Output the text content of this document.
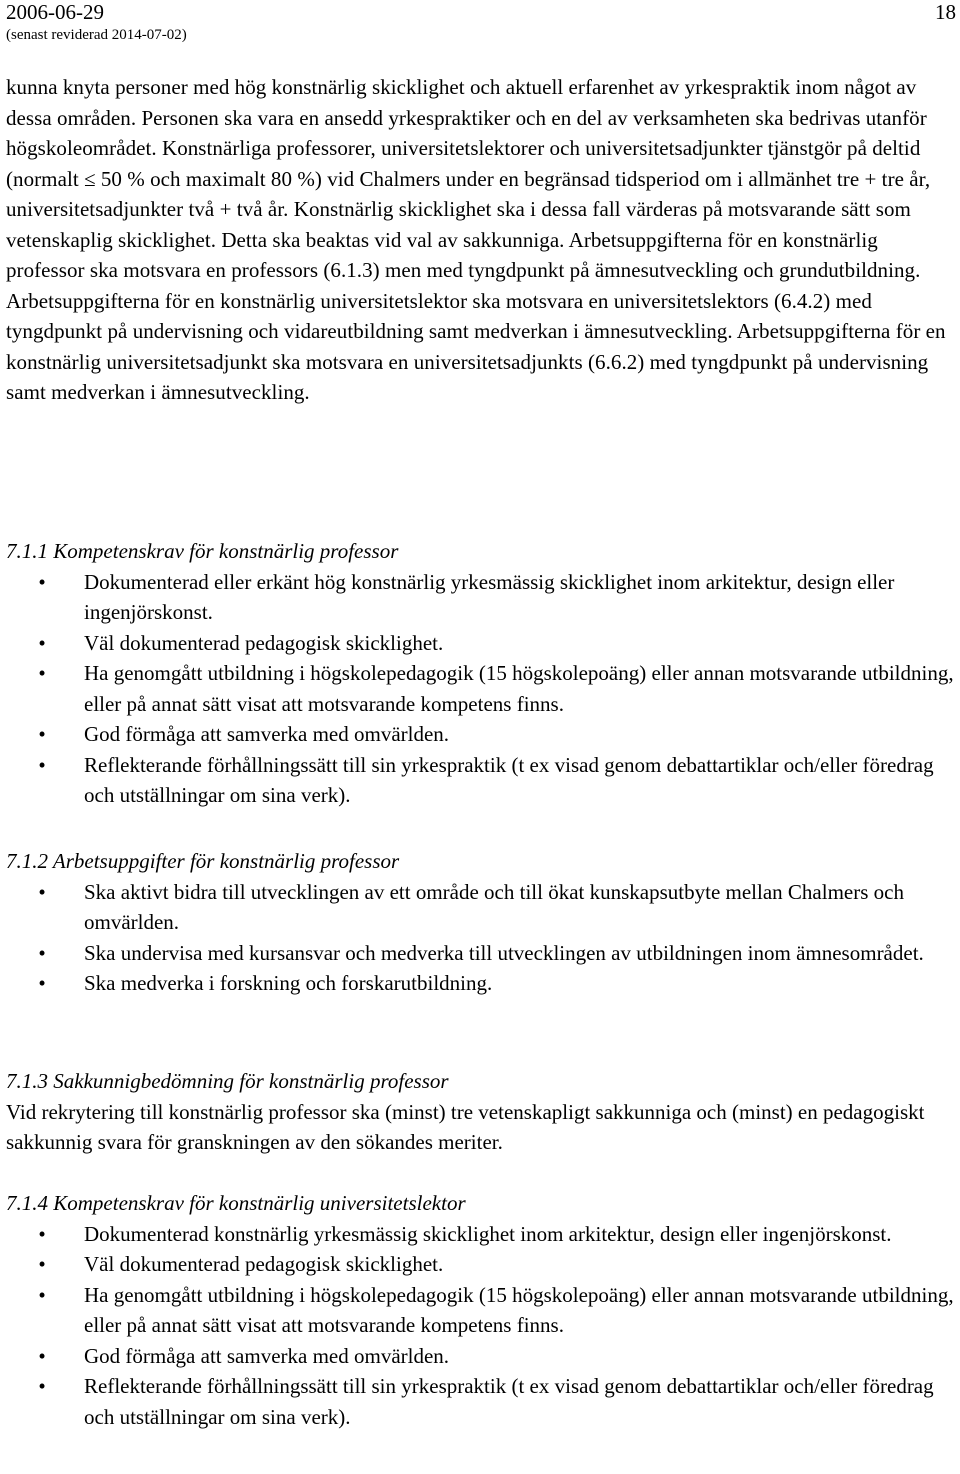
2006-06-29
(senast reviderad 2014-07-02)
18

kunna knyta personer med hög konstnärlig skicklighet och aktuell erfarenhet av yrkespraktik inom något av dessa områden. Personen ska vara en ansedd yrkespraktiker och en del av verksamheten ska bedrivas utanför högskoleområdet. Konstnärliga professorer, universitetslektorer och universitetsadjunkter tjänstgör på deltid (normalt ≤ 50 % och maximalt 80 %) vid Chalmers under en begränsad tidsperiod om i allmänhet tre + tre år, universitetsadjunkter två + två år. Konstnärlig skicklighet ska i dessa fall värderas på motsvarande sätt som vetenskaplig skicklighet. Detta ska beaktas vid val av sakkunniga. Arbetsuppgifterna för en konstnärlig professor ska motsvara en professors (6.1.3) men med tyngdpunkt på ämnesutveckling och grundutbildning. Arbetsuppgifterna för en konstnärlig universitetslektor ska motsvara en universitetslektors (6.4.2) med tyngdpunkt på undervisning och vidareutbildning samt medverkan i ämnesutveckling. Arbetsuppgifterna för en konstnärlig universitetsadjunkt ska motsvara en universitetsadjunkts (6.6.2) med tyngdpunkt på undervisning samt medverkan i ämnesutveckling.

7.1.1 Kompetenskrav för konstnärlig professor

•
Dokumenterad eller erkänt hög konstnärlig yrkesmässig skicklighet inom arkitektur, design eller ingenjörskonst.
•
Väl dokumenterad pedagogisk skicklighet.
•
Ha genomgått utbildning i högskolepedagogik (15 högskolepoäng) eller annan motsvarande utbildning, eller på annat sätt visat att motsvarande kompetens finns.
•
God förmåga att samverka med omvärlden.
•
Reflekterande förhållningssätt till sin yrkespraktik (t ex visad genom debattartiklar och/eller föredrag och utställningar om sina verk).

7.1.2 Arbetsuppgifter för konstnärlig professor

•
Ska aktivt bidra till utvecklingen av ett område och till ökat kunskapsutbyte mellan Chalmers och omvärlden.
•
Ska undervisa med kursansvar och medverka till utvecklingen av utbildningen inom ämnesområdet.
•
Ska medverka i forskning och forskarutbildning.

7.1.3 Sakkunnigbedömning för konstnärlig professor

Vid rekrytering till konstnärlig professor ska (minst) tre vetenskapligt sakkunniga och (minst) en pedagogiskt sakkunnig svara för granskningen av den sökandes meriter.

7.1.4 Kompetenskrav för konstnärlig universitetslektor

•
Dokumenterad konstnärlig yrkesmässig skicklighet inom arkitektur, design eller ingenjörskonst.
•
Väl dokumenterad pedagogisk skicklighet.
•
Ha genomgått utbildning i högskolepedagogik (15 högskolepoäng) eller annan motsvarande utbildning, eller på annat sätt visat att motsvarande kompetens finns.
•
God förmåga att samverka med omvärlden.
•
Reflekterande förhållningssätt till sin yrkespraktik (t ex visad genom debattartiklar och/eller föredrag och utställningar om sina verk).
